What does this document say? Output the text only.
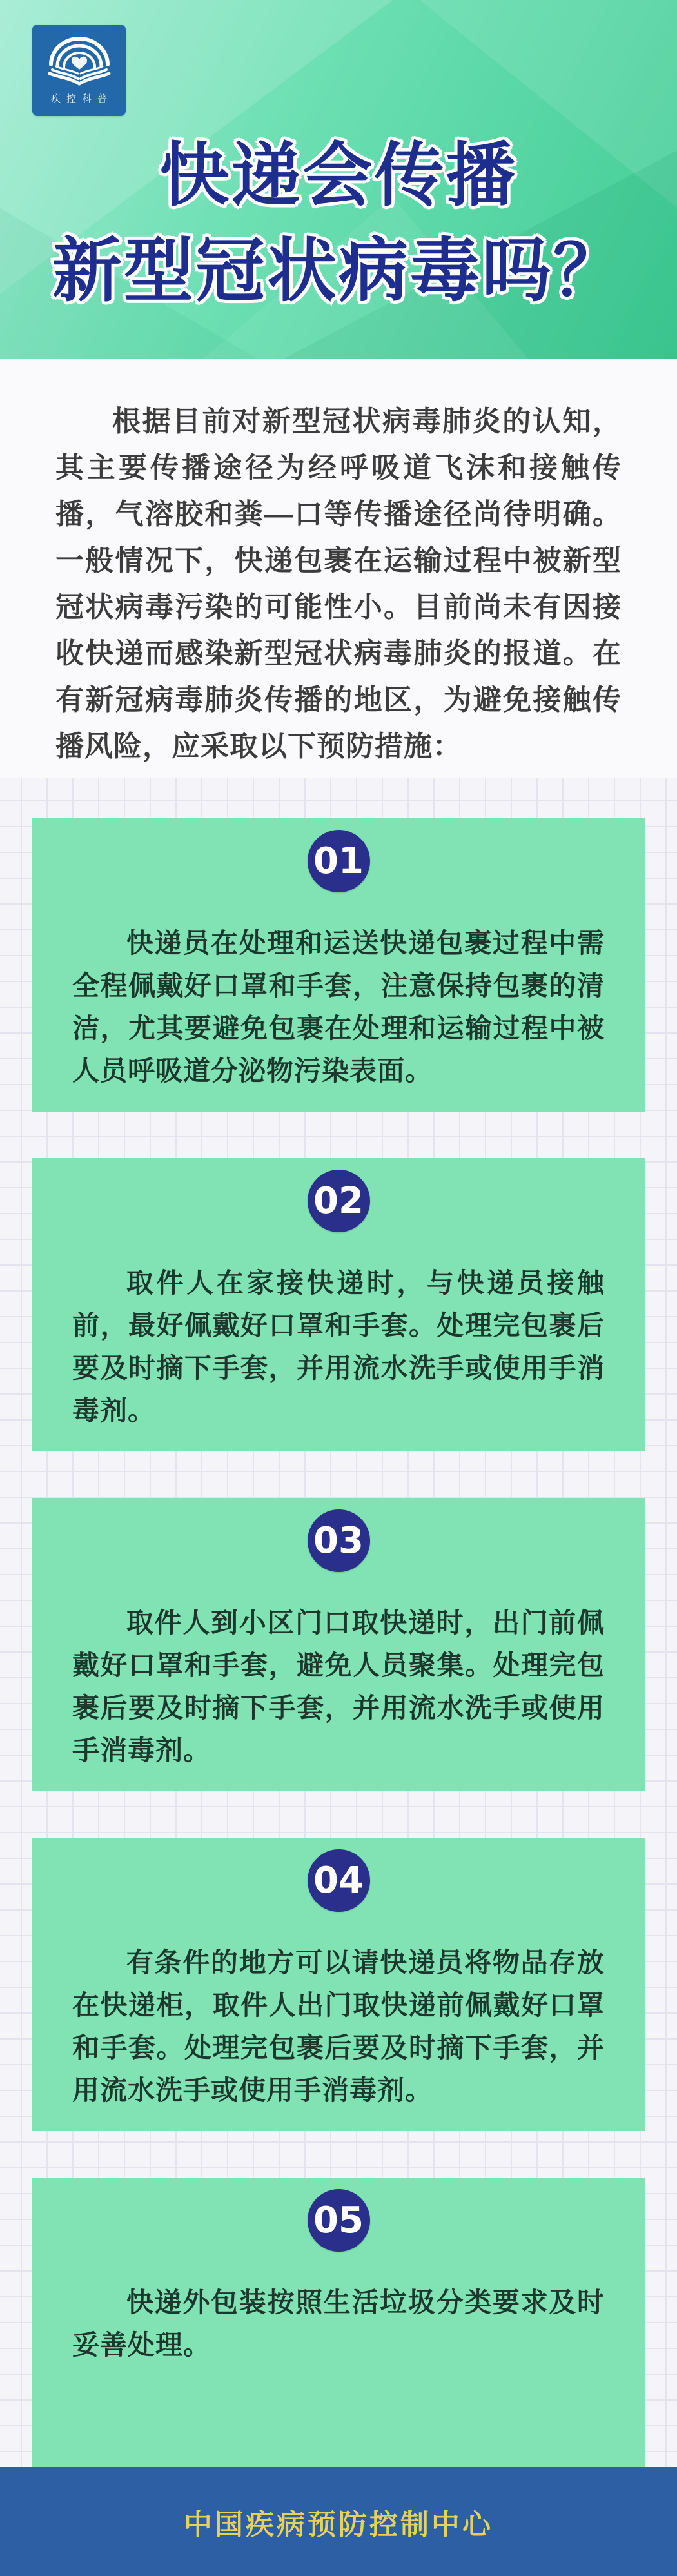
疾控科普
快递会传播
新型冠状病毒吗？

根据目前对新型冠状病毒肺炎的认知，其主要传播途径为经呼吸道飞沫和接触传播，气溶胶和粪—口等传播途径尚待明确。一般情况下，快递包裹在运输过程中被新型冠状病毒污染的可能性小。目前尚未有因接收快递而感染新型冠状病毒肺炎的报道。在有新冠病毒肺炎传播的地区，为避免接触传播风险，应采取以下预防措施：

01

快递员在处理和运送快递包裹过程中需全程佩戴好口罩和手套，注意保持包裹的清洁，尤其要避免包裹在处理和运输过程中被人员呼吸道分泌物污染表面。

02

取件人在家接快递时，与快递员接触前，最好佩戴好口罩和手套。处理完包裹后要及时摘下手套，并用流水洗手或使用手消毒剂。

03

取件人到小区门口取快递时，出门前佩戴好口罩和手套，避免人员聚集。处理完包裹后要及时摘下手套，并用流水洗手或使用手消毒剂。

04

有条件的地方可以请快递员将物品存放在快递柜，取件人出门取快递前佩戴好口罩和手套。处理完包裹后要及时摘下手套，并用流水洗手或使用手消毒剂。

05

快递外包装按照生活垃圾分类要求及时妥善处理。

中国疾病预防控制中心
